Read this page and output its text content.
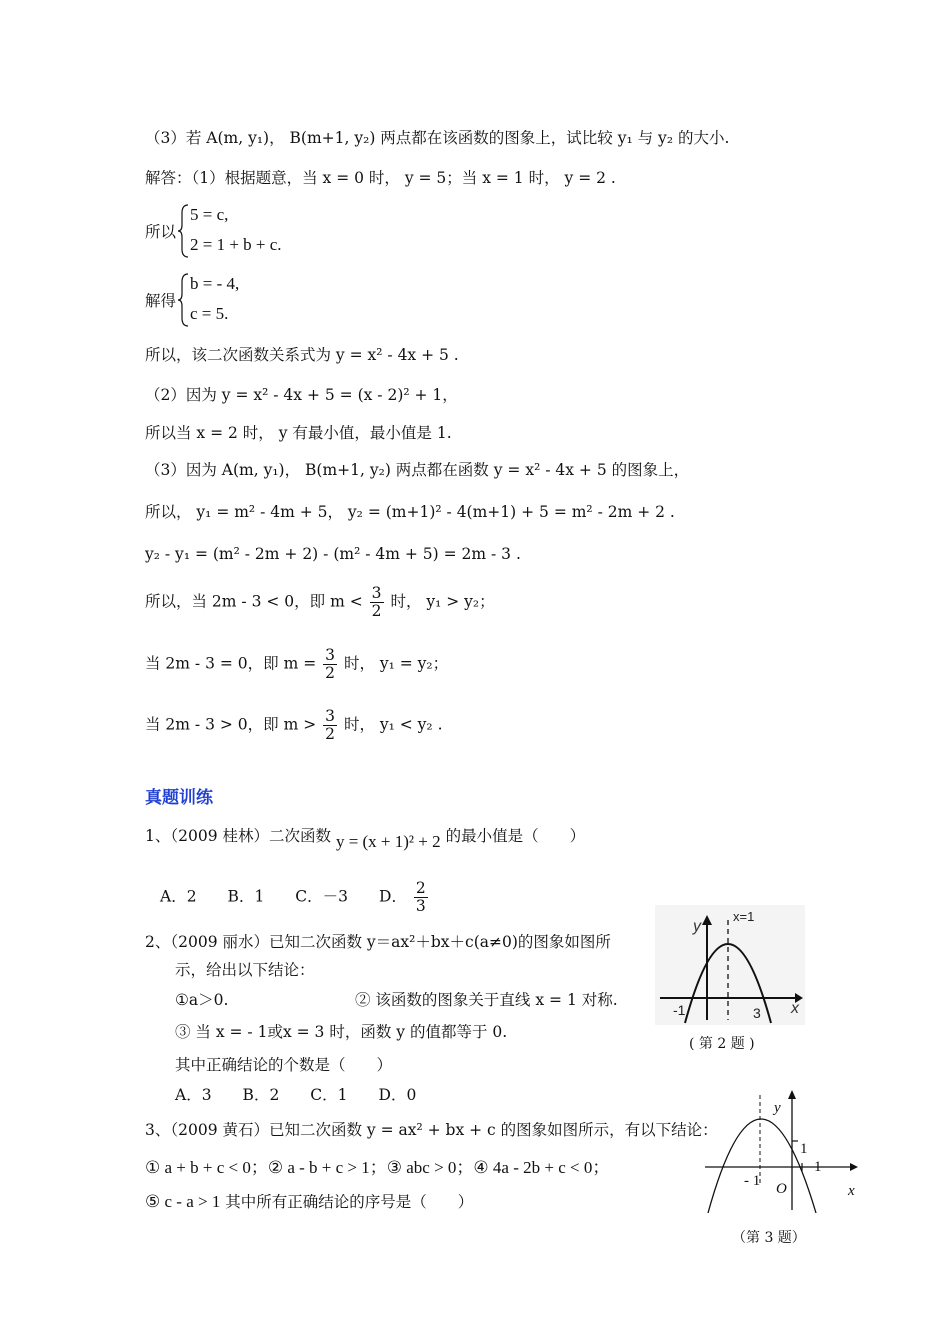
（3）若 A(m, y₁)， B(m+1, y₂) 两点都在该函数的图象上，试比较 y₁ 与 y₂ 的大小.
解答：（1）根据题意，当 x = 0 时， y = 5；当 x = 1 时， y = 2 .
所以
5 = c,
2 = 1 + b + c.
解得
b = - 4,
c = 5.
所以，该二次函数关系式为 y = x² - 4x + 5 .
（2）因为 y = x² - 4x + 5 = (x - 2)² + 1，
所以当 x = 2 时， y 有最小值，最小值是 1.
（3）因为 A(m, y₁)， B(m+1, y₂) 两点都在函数 y = x² - 4x + 5 的图象上，
所以， y₁ = m² - 4m + 5， y₂ = (m+1)² - 4(m+1) + 5 = m² - 2m + 2 .
y₂ - y₁ = (m² - 2m + 2) - (m² - 4m + 5) = 2m - 3 .
所以，当 2m - 3 < 0，即 $m < \frac{3}{2}$ 时， y₁ > y₂；
当 2m - 3 = 0，即 $m = \frac{3}{2}$ 时， y₁ = y₂；
当 2m - 3 > 0，即 $m > \frac{3}{2}$ 时， y₁ < y₂ .
真题训练
1、（2009 桂林）二次函数 y = (x + 1)² + 2 的最小值是（　　）
A．2　　B．1　　C．－3　　D． $\frac{2}{3}$
2、（2009 丽水）已知二次函数 y＝ax²＋bx＋c(a≠0)的图象如图所
示，给出以下结论：
①a＞0.	② 该函数的图象关于直线 x = 1 对称.
③ 当 x = - 1或x = 3 时，函数 y 的值都等于 0.
其中正确结论的个数是（　　）
A．3　　B．2　　C．1　　D．0
y
x=1
x
-1	3
( 第 2 题 )
3、（2009 黄石）已知二次函数 y = ax² + bx + c 的图象如图所示，有以下结论：
① a + b + c < 0；② a - b + c > 1；③ abc > 0；④ 4a - 2b + c < 0；
⑤ c - a > 1 其中所有正确结论的序号是（　　）
y
x
O
1
1
- 1
（第 3 题）
